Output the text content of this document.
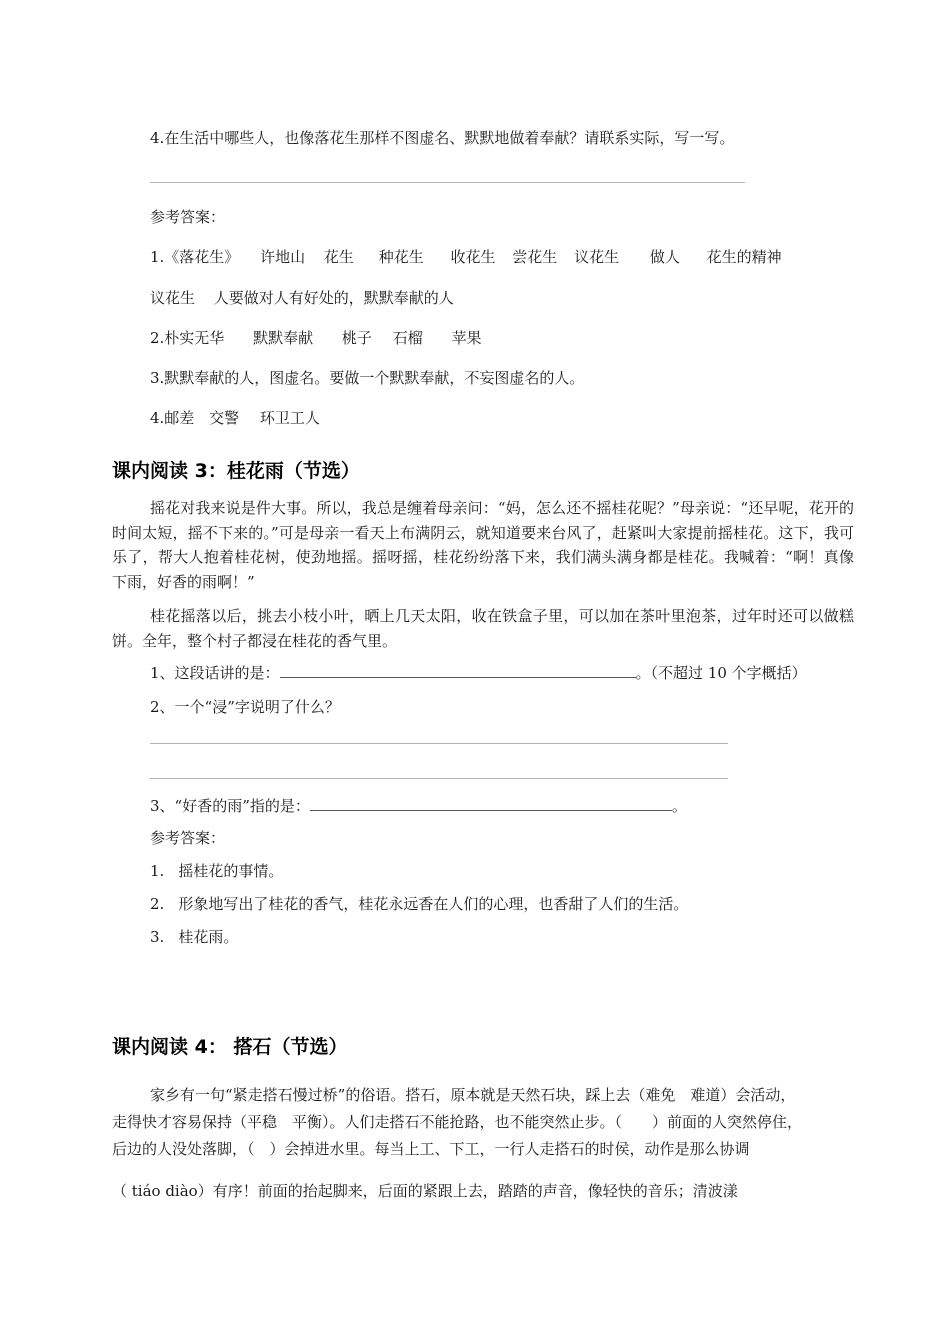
4.在生活中哪些人，也像落花生那样不图虚名、默默地做着奉献？请联系实际，写一写。
参考答案：
1.《落花生》 许地山 花生 种花生 收花生 尝花生 议花生 做人 花生的精神
议花生 人要做对人有好处的，默默奉献的人
2.朴实无华 默默奉献 桃子 石榴 苹果
3.默默奉献的人，图虚名。要做一个默默奉献，不妄图虚名的人。
4.邮差 交警 环卫工人
课内阅读 3：桂花雨（节选）
摇花对我来说是件大事。所以，我总是缠着母亲问：“妈，怎么还不摇桂花呢？”母亲说：“还早呢，花开的时间太短，摇不下来的。”可是母亲一看天上布满阴云，就知道要来台风了，赶紧叫大家提前摇桂花。这下，我可乐了，帮大人抱着桂花树，使劲地摇。摇呀摇，桂花纷纷落下来，我们满头满身都是桂花。我喊着：“啊！真像下雨，好香的雨啊！”
桂花摇落以后，挑去小枝小叶，晒上几天太阳，收在铁盒子里，可以加在茶叶里泡茶，过年时还可以做糕饼。全年，整个村子都浸在桂花的香气里。
1、这段话讲的是：	。（不超过 10 个字概括）
2、一个“浸”字说明了什么？
3、“好香的雨”指的是：	。
参考答案：
1. 摇桂花的事情。
2. 形象地写出了桂花的香气，桂花永远香在人们的心理，也香甜了人们的生活。
3. 桂花雨。
课内阅读 4： 搭石（节选）
家乡有一句“紧走搭石慢过桥”的俗语。搭石，原本就是天然石块，踩上去（难免　难道）会活动，
走得快才容易保持（平稳　平衡）。人们走搭石不能抢路，也不能突然止步。（　　）前面的人突然停住，
后边的人没处落脚，（　）会掉进水里。每当上工、下工，一行人走搭石的时侯，动作是那么协调
（ tiáo diào）有序！前面的抬起脚来，后面的紧跟上去，踏踏的声音，像轻快的音乐；清波漾
